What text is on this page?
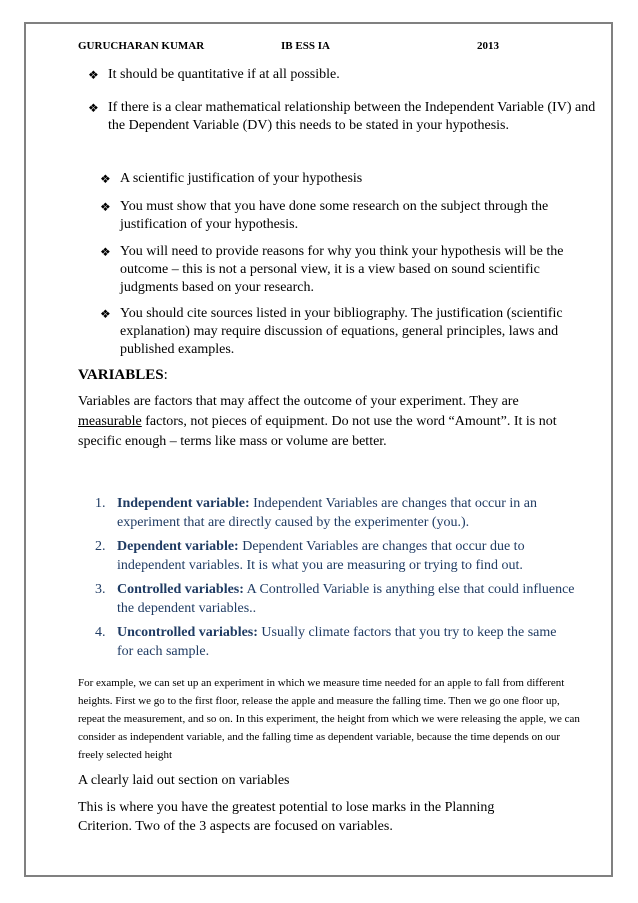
GURUCHARAN KUMAR	IB ESS IA	2013
❖ It should be quantitative if at all possible.
❖ If there is a clear mathematical relationship between the Independent Variable (IV) and the Dependent Variable (DV) this needs to be stated in your hypothesis.
❖ A scientific justification of your hypothesis
❖ You must show that you have done some research on the subject through the justification of your hypothesis.
❖ You will need to provide reasons for why you think your hypothesis will be the outcome – this is not a personal view, it is a view based on sound scientific judgments based on your research.
❖ You should cite sources listed in your bibliography. The justification (scientific explanation) may require discussion of equations, general principles, laws and published examples.
VARIABLES:
Variables are factors that may affect the outcome of your experiment. They are measurable factors, not pieces of equipment. Do not use the word “Amount”. It is not specific enough – terms like mass or volume are better.
1. Independent variable: Independent Variables are changes that occur in an experiment that are directly caused by the experimenter (you.).
2. Dependent variable: Dependent Variables are changes that occur due to independent variables. It is what you are measuring or trying to find out.
3. Controlled variables: A Controlled Variable is anything else that could influence the dependent variables..
4. Uncontrolled variables: Usually climate factors that you try to keep the same for each sample.
For example, we can set up an experiment in which we measure time needed for an apple to fall from different heights. First we go to the first floor, release the apple and measure the falling time. Then we go one floor up, repeat the measurement, and so on. In this experiment, the height from which we were releasing the apple, we can consider as independent variable, and the falling time as dependent variable, because the time depends on our freely selected height
A clearly laid out section on variables
This is where you have the greatest potential to lose marks in the Planning Criterion. Two of the 3 aspects are focused on variables.
